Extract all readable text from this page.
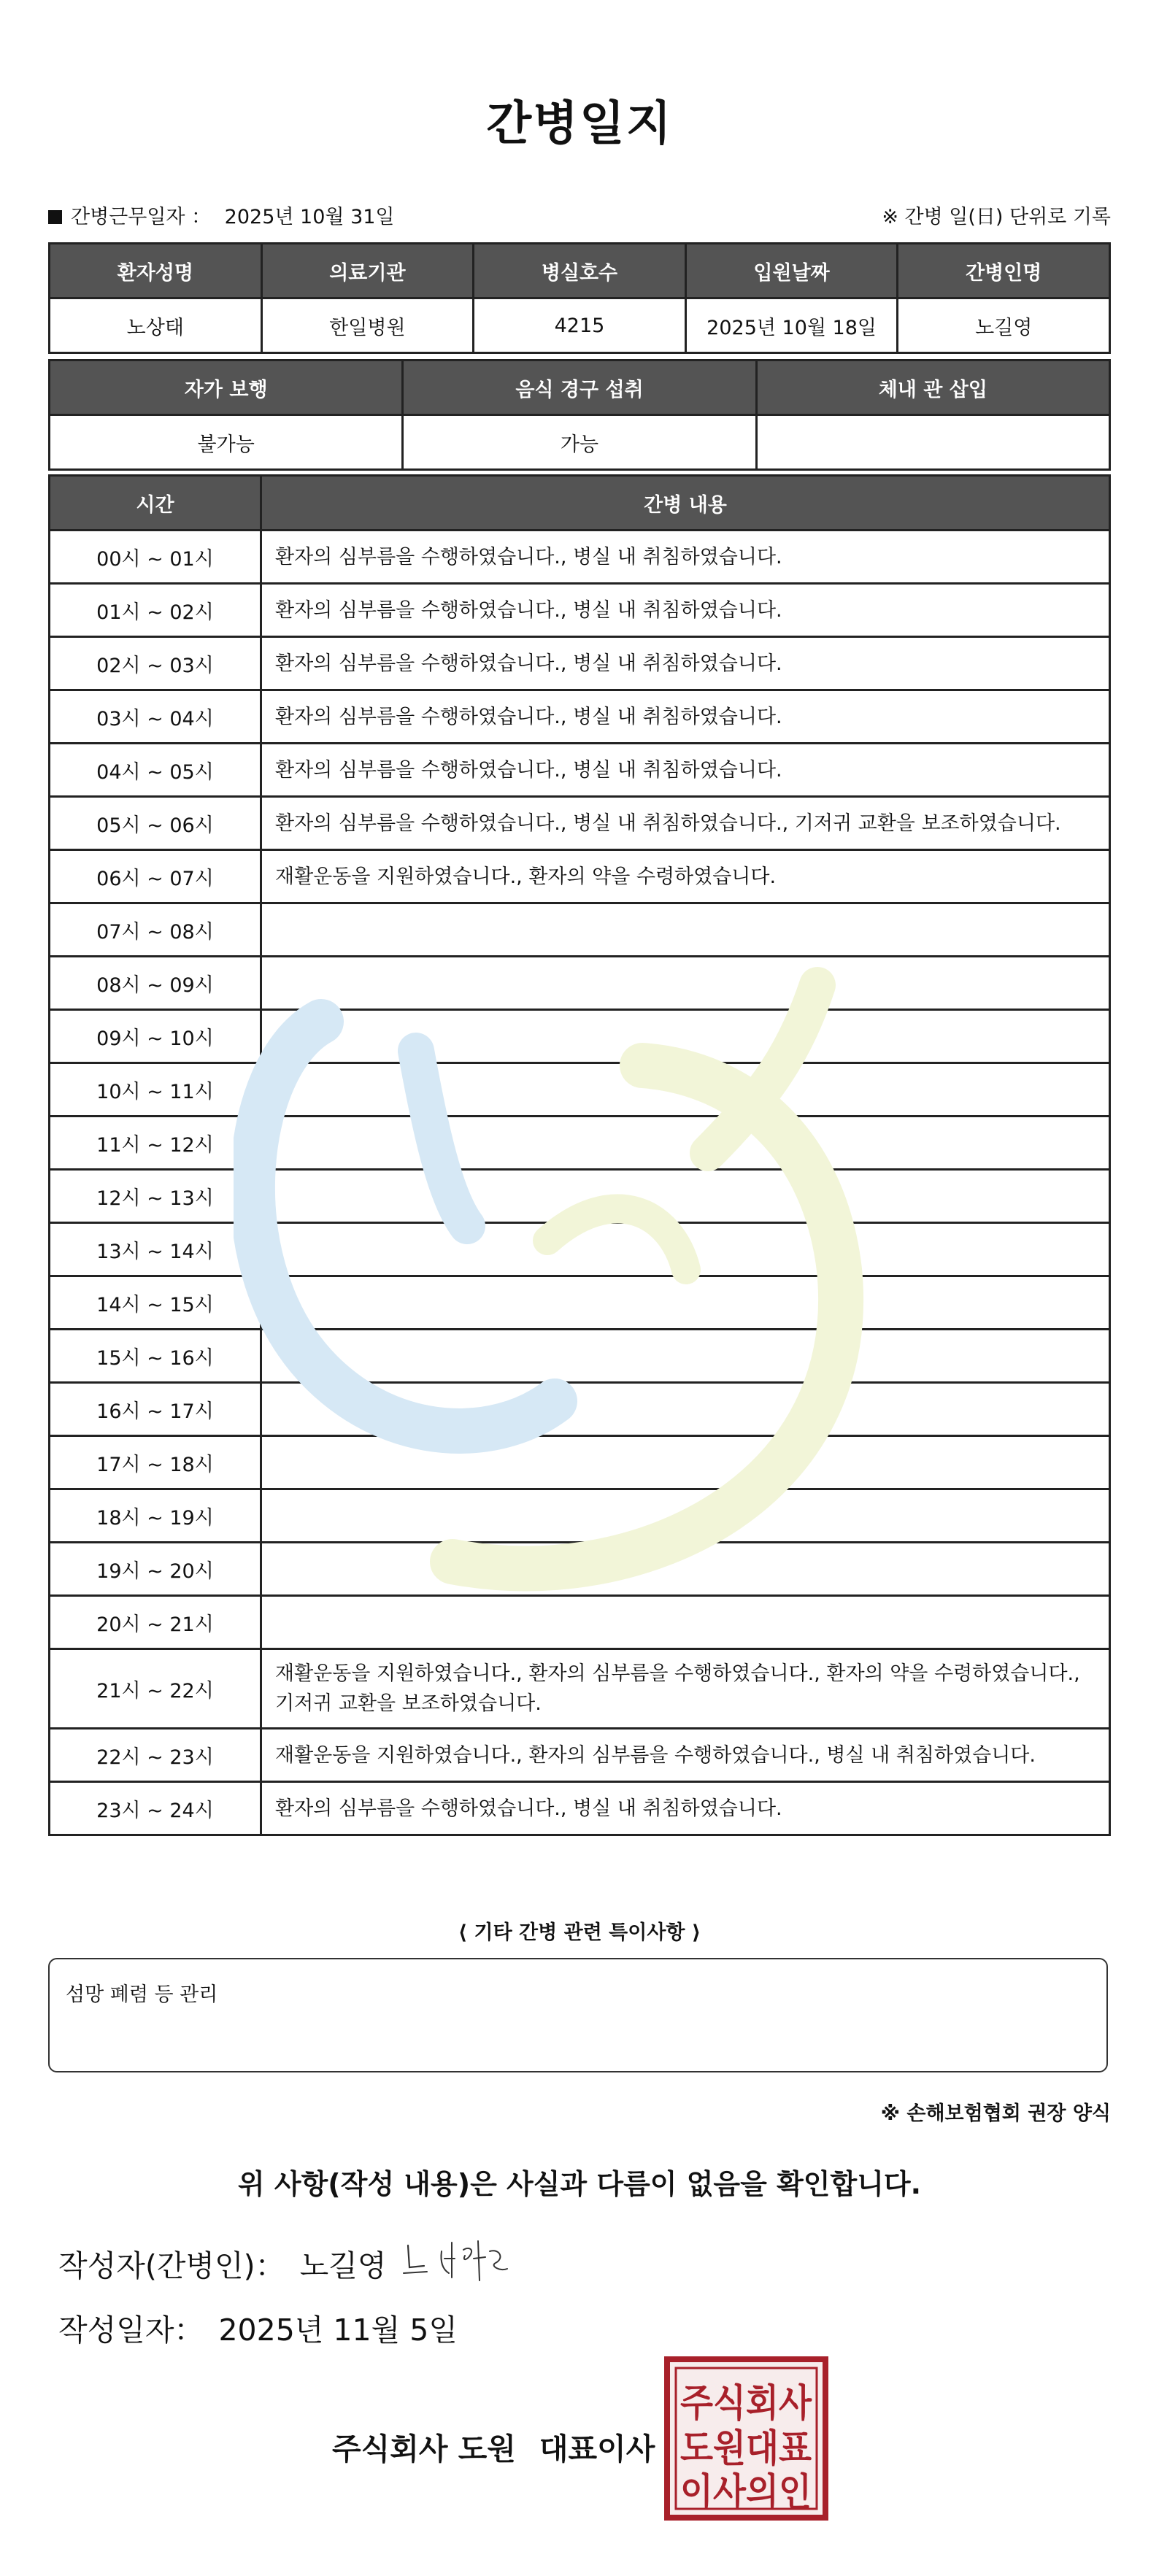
간병일지
간병근무일자 ： 2025년 10월 31일	※ 간병 일(日) 단위로 기록
환자성명	의료기관	병실호수	입원날짜	간병인명
노상태	한일병원	4215	2025년 10월 18일	노길영
자가 보행	음식 경구 섭취	체내 관 삽입
불가능	가능	
시간	간병 내용
00시 ~ 01시	환자의 심부름을 수행하였습니다., 병실 내 취침하였습니다.
01시 ~ 02시	환자의 심부름을 수행하였습니다., 병실 내 취침하였습니다.
02시 ~ 03시	환자의 심부름을 수행하였습니다., 병실 내 취침하였습니다.
03시 ~ 04시	환자의 심부름을 수행하였습니다., 병실 내 취침하였습니다.
04시 ~ 05시	환자의 심부름을 수행하였습니다., 병실 내 취침하였습니다.
05시 ~ 06시	환자의 심부름을 수행하였습니다., 병실 내 취침하였습니다., 기저귀 교환을 보조하였습니다.
06시 ~ 07시	재활운동을 지원하였습니다., 환자의 약을 수령하였습니다.
07시 ~ 08시	
08시 ~ 09시	
09시 ~ 10시	
10시 ~ 11시	
11시 ~ 12시	
12시 ~ 13시	
13시 ~ 14시	
14시 ~ 15시	
15시 ~ 16시	
16시 ~ 17시	
17시 ~ 18시	
18시 ~ 19시	
19시 ~ 20시	
20시 ~ 21시	
21시 ~ 22시	재활운동을 지원하였습니다., 환자의 심부름을 수행하였습니다., 환자의 약을 수령하였습니다., 기저귀 교환을 보조하였습니다.
22시 ~ 23시	재활운동을 지원하였습니다., 환자의 심부름을 수행하였습니다., 병실 내 취침하였습니다.
23시 ~ 24시	환자의 심부름을 수행하였습니다., 병실 내 취침하였습니다.
⟨ 기타 간병 관련 특이사항 ⟩
섬망 폐렴 등 관리
※ 손해보험협회 권장 양식
위 사항(작성 내용)은 사실과 다름이 없음을 확인합니다.
작성자(간병인)： 노길영
작성일자： 2025년 11월 5일
주식회사 도원 대표이사
주식회사
도원대표
이사의인
